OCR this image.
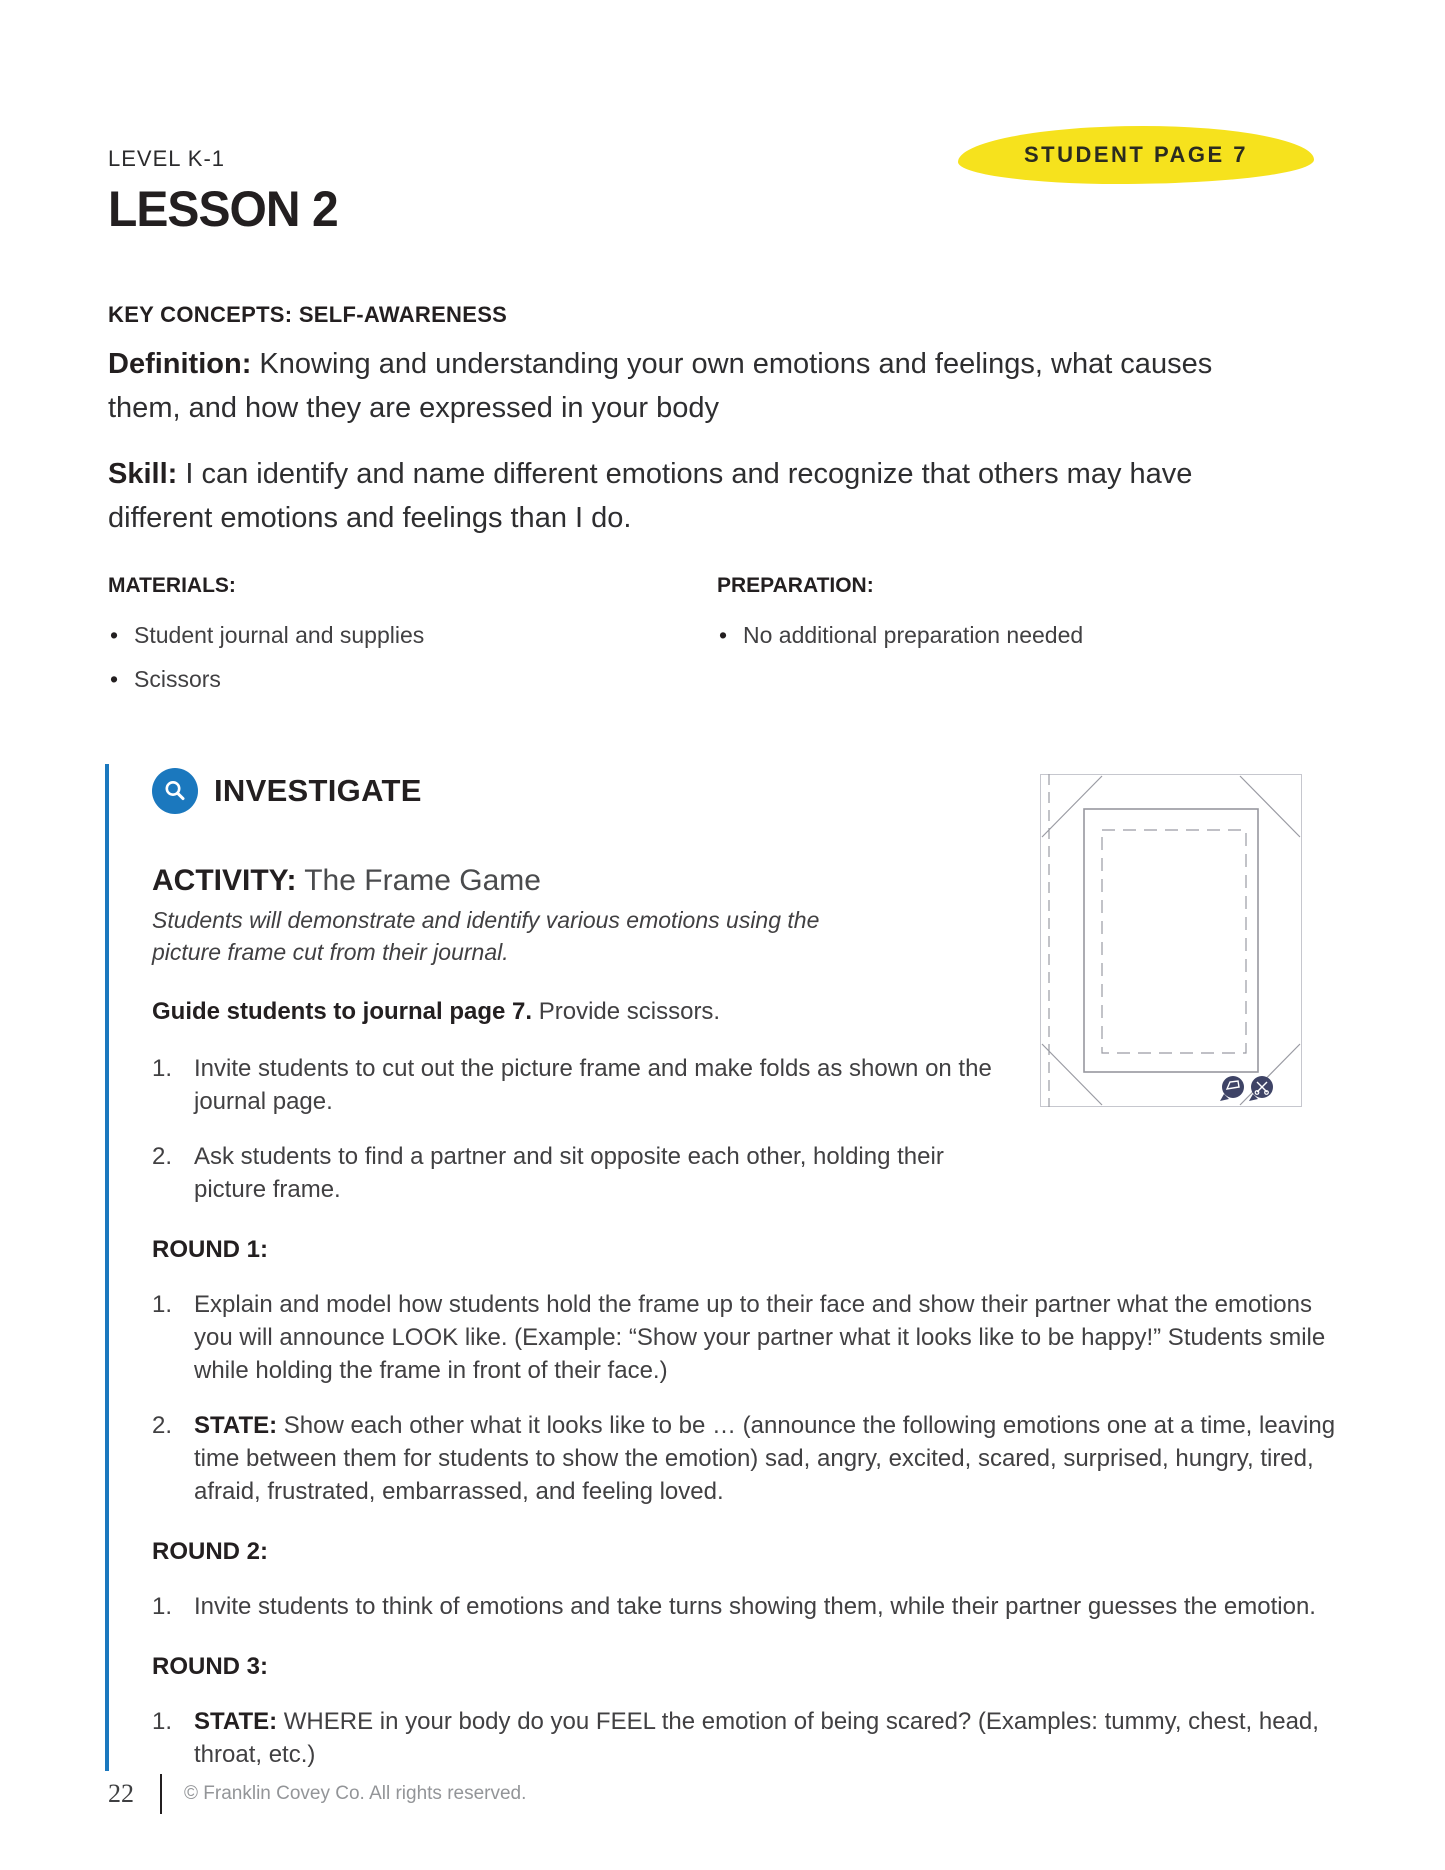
LEVEL K-1	STUDENT PAGE 7
LESSON 2
KEY CONCEPTS: SELF-AWARENESS

Definition: Knowing and understanding your own emotions and feelings, what causes them, and how they are expressed in your body

Skill: I can identify and name different emotions and recognize that others may have different emotions and feelings than I do.

MATERIALS:
• Student journal and supplies
• Scissors
PREPARATION:
• No additional preparation needed
INVESTIGATE
ACTIVITY: The Frame Game
Students will demonstrate and identify various emotions using the picture frame cut from their journal.
Guide students to journal page 7. Provide scissors.
1. Invite students to cut out the picture frame and make folds as shown on the journal page.
2. Ask students to find a partner and sit opposite each other, holding their picture frame.
ROUND 1:
1. Explain and model how students hold the frame up to their face and show their partner what the emotions you will announce LOOK like. (Example: “Show your partner what it looks like to be happy!” Students smile while holding the frame in front of their face.)
2. STATE: Show each other what it looks like to be … (announce the following emotions one at a time, leaving time between them for students to show the emotion) sad, angry, excited, scared, surprised, hungry, tired, afraid, frustrated, embarrassed, and feeling loved.
ROUND 2:
1. Invite students to think of emotions and take turns showing them, while their partner guesses the emotion.
ROUND 3:
1. STATE: WHERE in your body do you FEEL the emotion of being scared? (Examples: tummy, chest, head, throat, etc.)
22	© Franklin Covey Co. All rights reserved.
